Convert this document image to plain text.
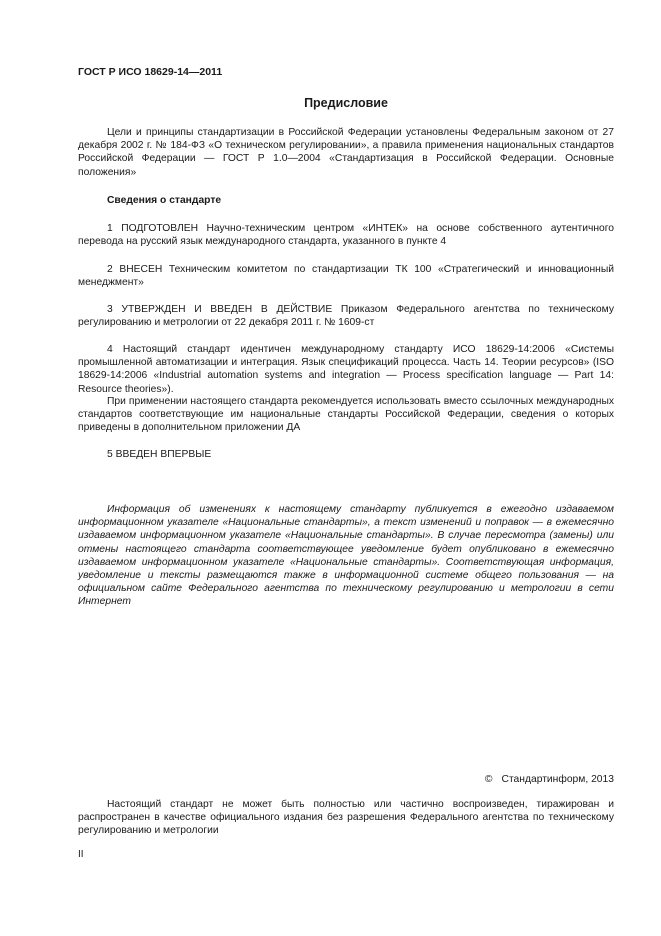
ГОСТ Р ИСО 18629-14—2011
Предисловие

Цели и принципы стандартизации в Российской Федерации установлены Федеральным законом от 27 декабря 2002 г. № 184-ФЗ «О техническом регулировании», а правила применения национальных стандартов Российской Федерации — ГОСТ Р 1.0—2004 «Стандартизация в Российской Федерации. Основные положения»

Сведения о стандарте

1 ПОДГОТОВЛЕН Научно-техническим центром «ИНТЕК» на основе собственного аутентичного перевода на русский язык международного стандарта, указанного в пункте 4

2 ВНЕСЕН Техническим комитетом по стандартизации ТК 100 «Стратегический и инновационный менеджмент»

3 УТВЕРЖДЕН И ВВЕДЕН В ДЕЙСТВИЕ Приказом Федерального агентства по техническому регулированию и метрологии от 22 декабря 2011 г. № 1609-ст

4 Настоящий стандарт идентичен международному стандарту ИСО 18629-14:2006 «Системы промышленной автоматизации и интеграция. Язык спецификаций процесса. Часть 14. Теории ресурсов» (ISO 18629-14:2006 «Industrial automation systems and integration — Process specification language — Part 14: Resource theories»).

При применении настоящего стандарта рекомендуется использовать вместо ссылочных международных стандартов соответствующие им национальные стандарты Российской Федерации, сведения о которых приведены в дополнительном приложении ДА

5 ВВЕДЕН ВПЕРВЫЕ

Информация об изменениях к настоящему стандарту публикуется в ежегодно издаваемом информационном указателе «Национальные стандарты», а текст изменений и поправок — в ежемесячно издаваемом информационном указателе «Национальные стандарты». В случае пересмотра (замены) или отмены настоящего стандарта соответствующее уведомление будет опубликовано в ежемесячно издаваемом информационном указателе «Национальные стандарты». Соответствующая информация, уведомление и тексты размещаются также в информационной системе общего пользования — на официальном сайте Федерального агентства по техническому регулированию и метрологии в сети Интернет

© Стандартинформ, 2013

Настоящий стандарт не может быть полностью или частично воспроизведен, тиражирован и распространен в качестве официального издания без разрешения Федерального агентства по техническому регулированию и метрологии

II
